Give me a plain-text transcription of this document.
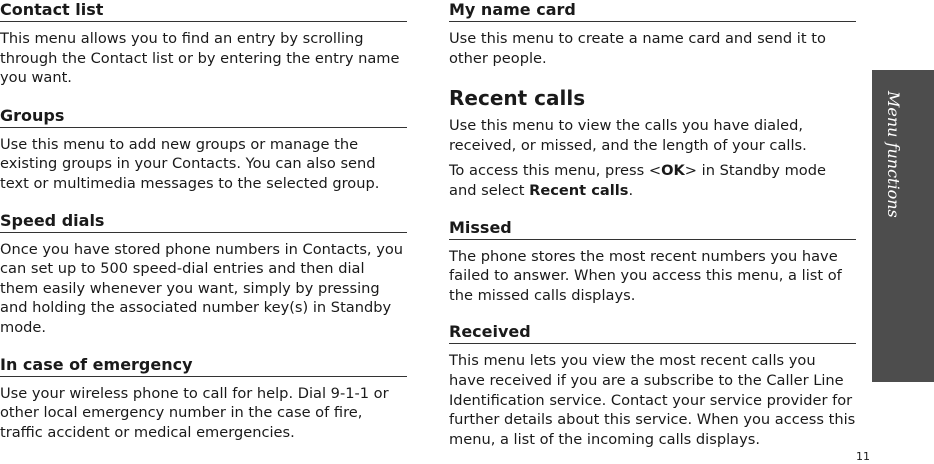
Contact list

This menu allows you to find an entry by scrolling through the Contact list or by entering the entry name you want.

Groups

Use this menu to add new groups or manage the existing groups in your Contacts. You can also send text or multimedia messages to the selected group.

Speed dials

Once you have stored phone numbers in Contacts, you can set up to 500 speed-dial entries and then dial them easily whenever you want, simply by pressing and holding the associated number key(s) in Standby mode.

In case of emergency

Use your wireless phone to call for help. Dial 9-1-1 or other local emergency number in the case of fire, traffic accident or medical emergencies.

My name card

Use this menu to create a name card and send it to other people.

Recent calls

Use this menu to view the calls you have dialed, received, or missed, and the length of your calls.

To access this menu, press <OK> in Standby mode and select Recent calls.

Missed

The phone stores the most recent numbers you have failed to answer. When you access this menu, a list of the missed calls displays.

Received

This menu lets you view the most recent calls you have received if you are a subscribe to the Caller Line Identification service. Contact your service provider for further details about this service. When you access this menu, a list of the incoming calls displays.

Menu functions
11
